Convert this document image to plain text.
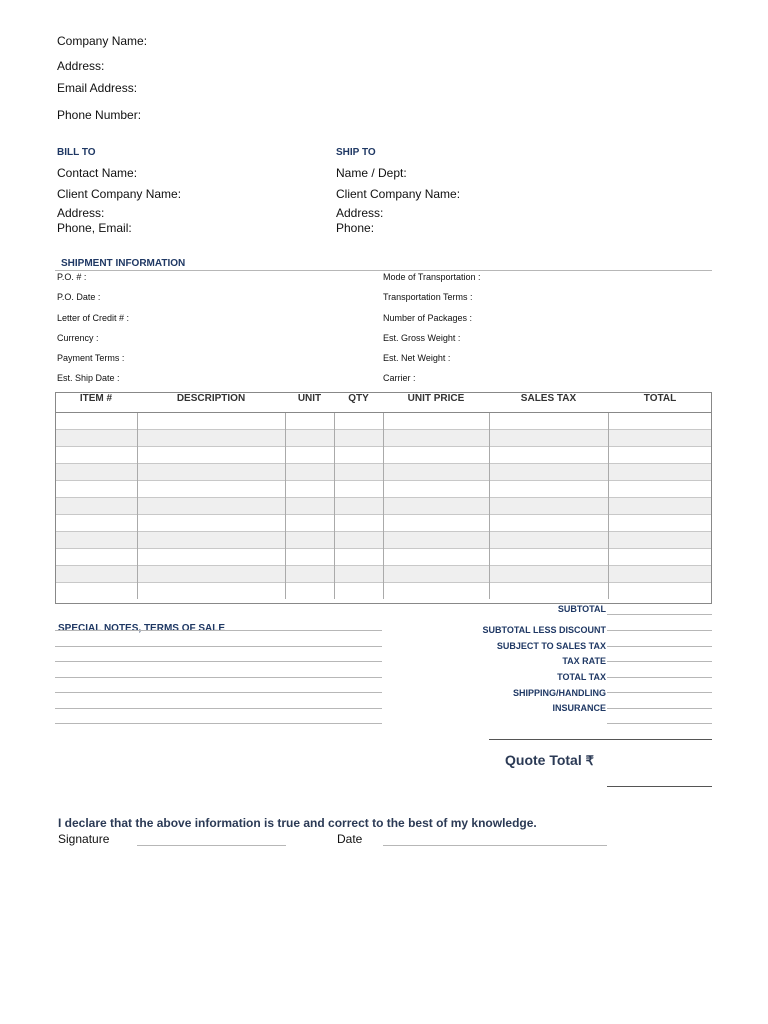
Company Name:
Address:
Email Address:
Phone Number:
BILL TO
Contact Name:
Client Company Name:
Address:
Phone, Email:
SHIP TO
Name / Dept:
Client Company Name:
Address:
Phone:
SHIPMENT INFORMATION
P.O. # :
P.O. Date :
Letter of Credit # :
Currency :
Payment Terms :
Est. Ship Date :
Mode of Transportation :
Transportation Terms :
Number of Packages :
Est. Gross Weight :
Est. Net Weight :
Carrier :
ITEM #	DESCRIPTION	UNIT	QTY	UNIT PRICE	SALES TAX	TOTAL

SPECIAL NOTES, TERMS OF SALE
SUBTOTAL
SUBTOTAL LESS DISCOUNT
SUBJECT TO SALES TAX
TAX RATE
TOTAL TAX
SHIPPING/HANDLING
INSURANCE
Quote Total ₹
I declare that the above information is true and correct to the best of my knowledge.
Signature	Date
